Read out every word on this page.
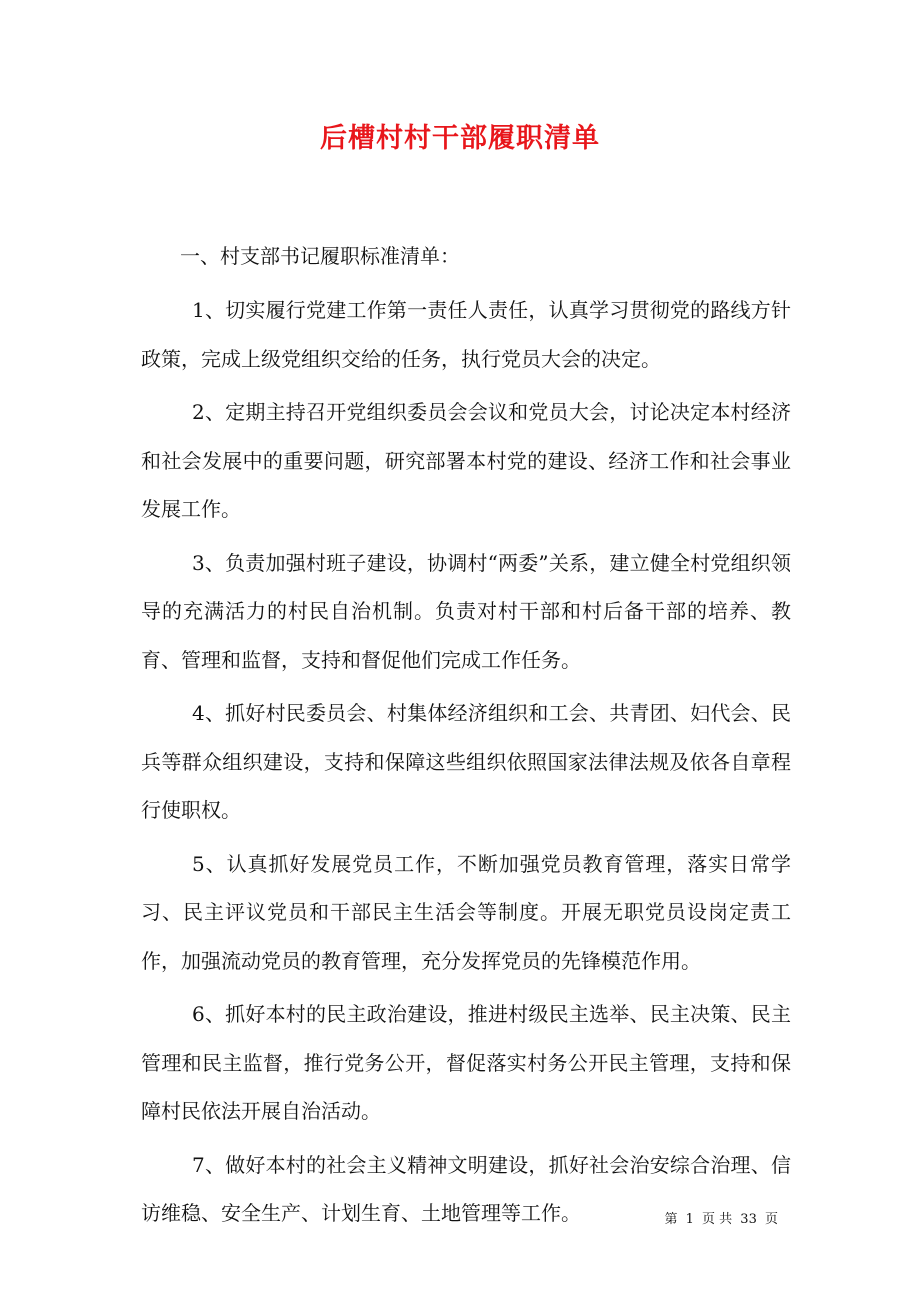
后槽村村干部履职清单

一、村支部书记履职标准清单：

1、切实履行党建工作第一责任人责任，认真学习贯彻党的路线方针政策，完成上级党组织交给的任务，执行党员大会的决定。

2、定期主持召开党组织委员会会议和党员大会，讨论决定本村经济和社会发展中的重要问题，研究部署本村党的建设、经济工作和社会事业发展工作。

3、负责加强村班子建设，协调村“两委”关系，建立健全村党组织领导的充满活力的村民自治机制。负责对村干部和村后备干部的培养、教育、管理和监督，支持和督促他们完成工作任务。

4、抓好村民委员会、村集体经济组织和工会、共青团、妇代会、民兵等群众组织建设，支持和保障这些组织依照国家法律法规及依各自章程行使职权。

5、认真抓好发展党员工作，不断加强党员教育管理，落实日常学习、民主评议党员和干部民主生活会等制度。开展无职党员设岗定责工作，加强流动党员的教育管理，充分发挥党员的先锋模范作用。

6、抓好本村的民主政治建设，推进村级民主选举、民主决策、民主管理和民主监督，推行党务公开，督促落实村务公开民主管理，支持和保障村民依法开展自治活动。

7、做好本村的社会主义精神文明建设，抓好社会治安综合治理、信访维稳、安全生产、计划生育、土地管理等工作。	第 1 页 共 33 页
